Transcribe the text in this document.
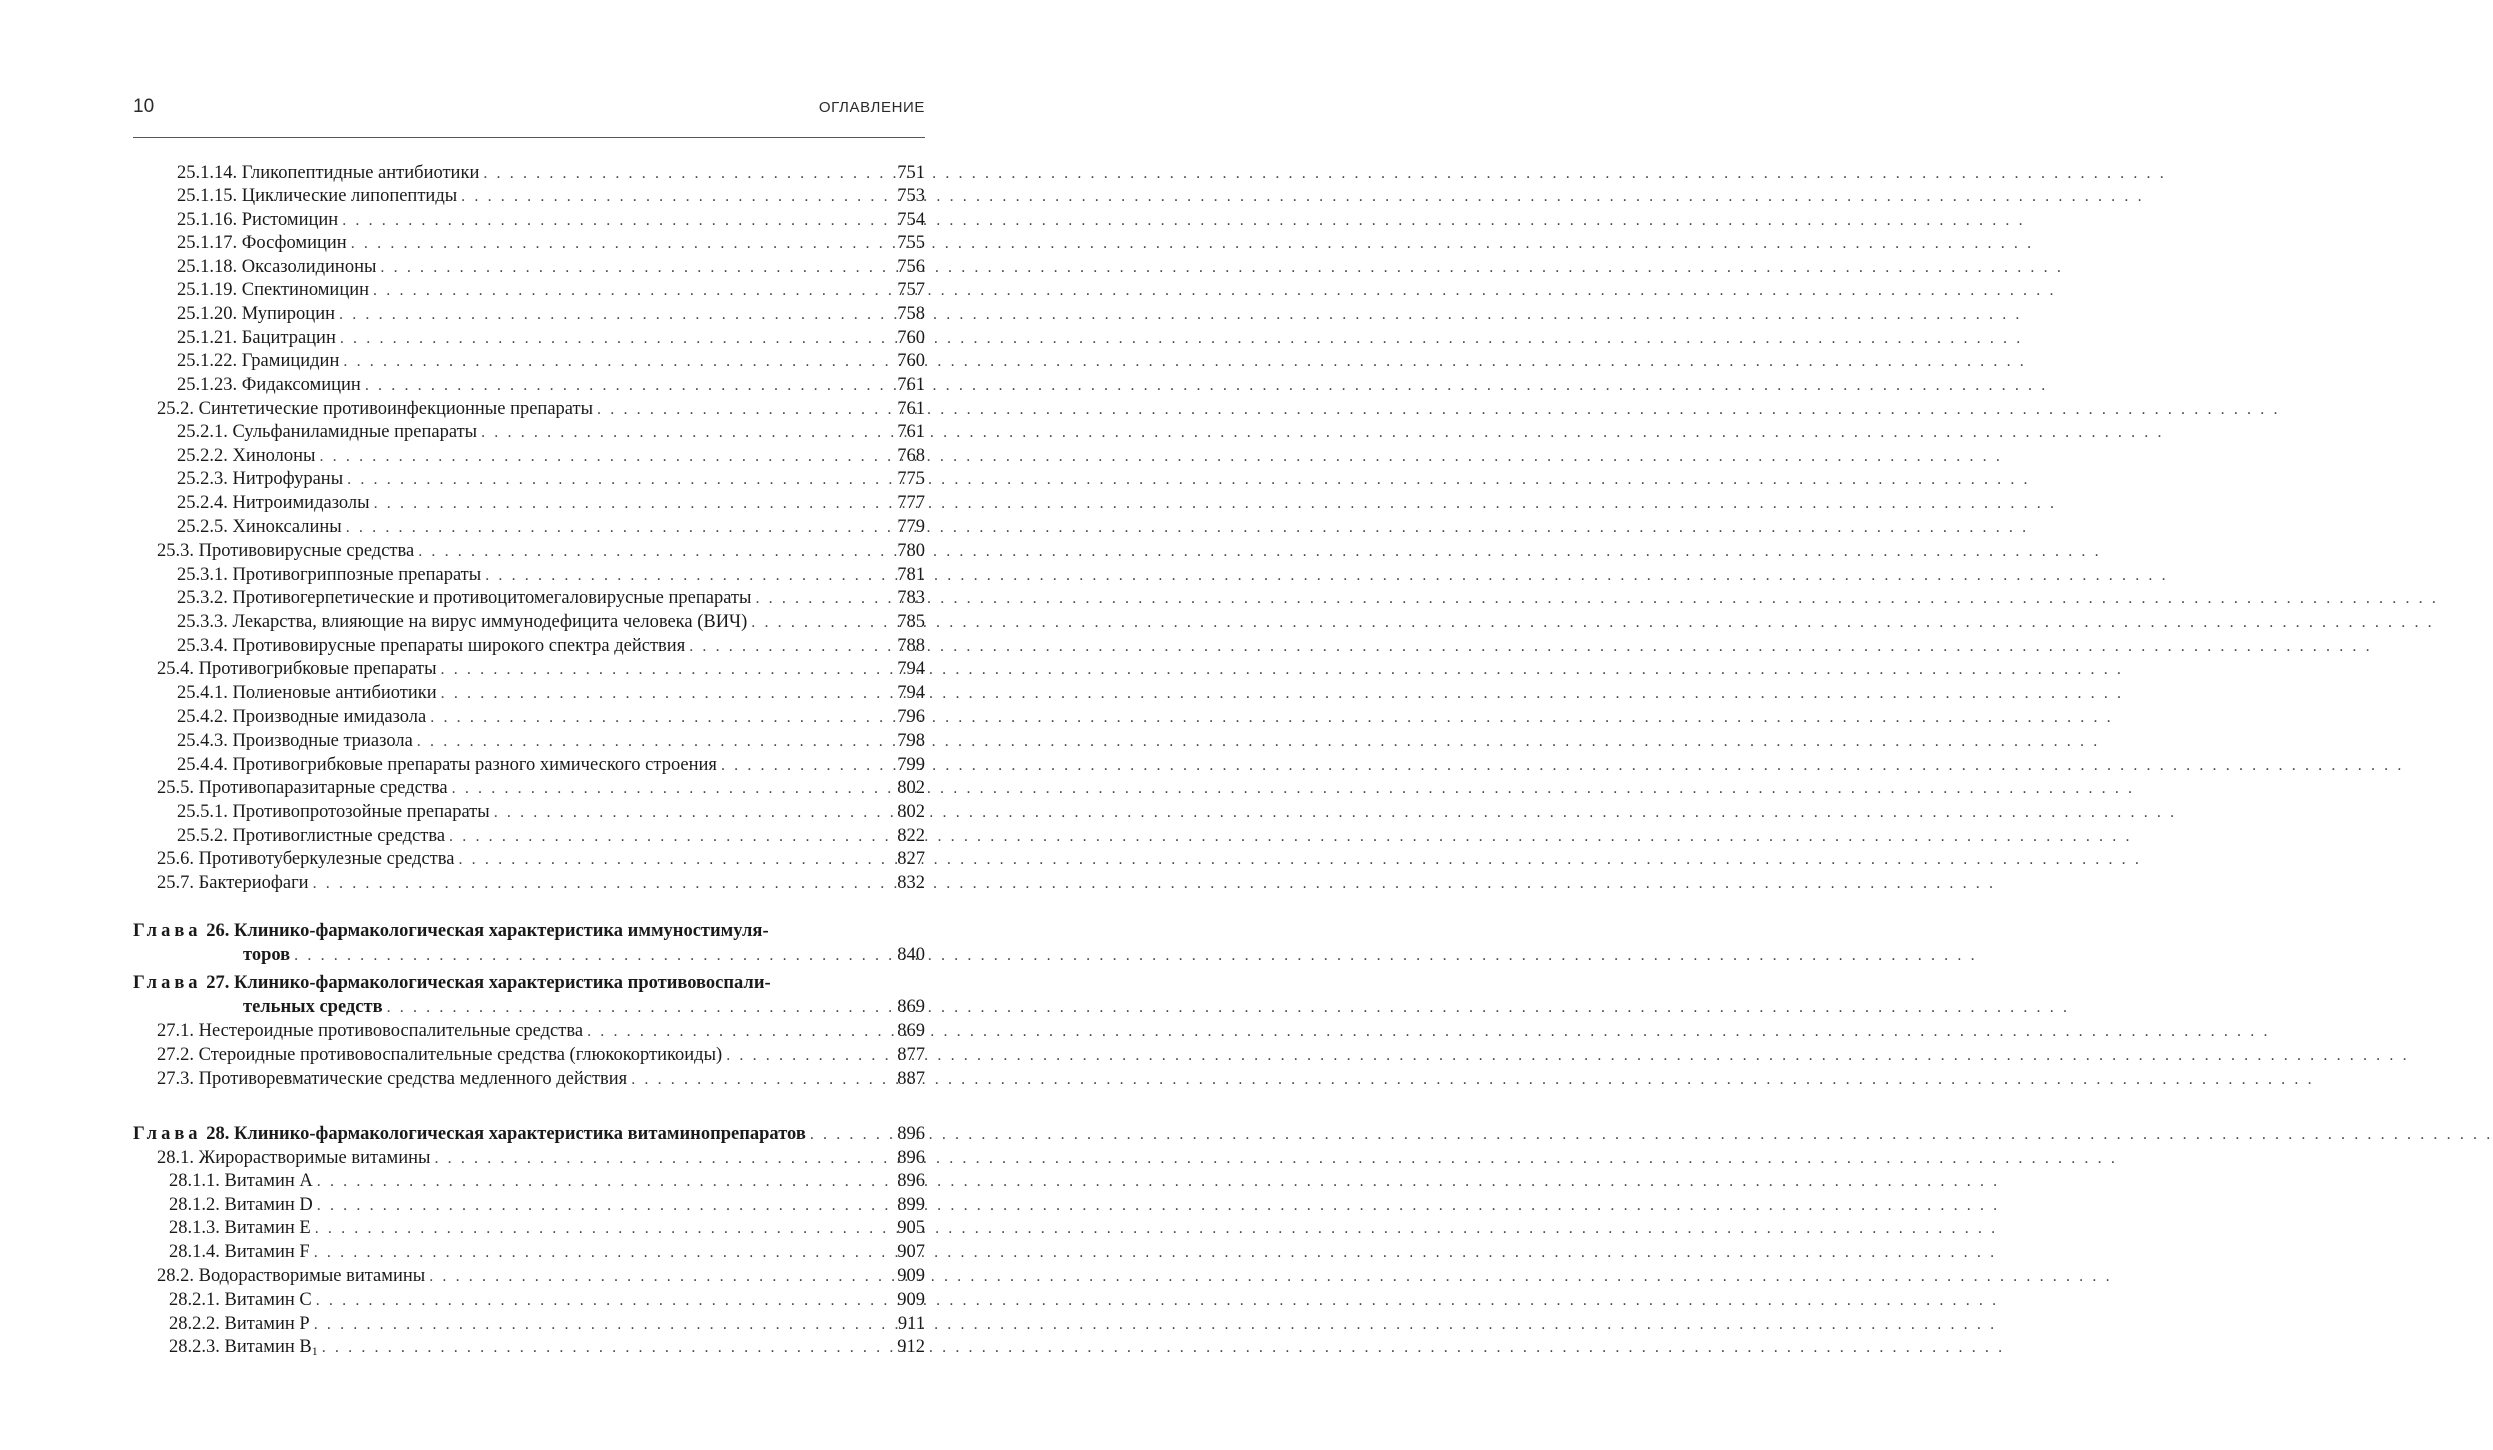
10	ОГЛАВЛЕНИЕ
25.1.14. Гликопептидные антибиотики . . .	751
25.1.15. Циклические липопептиды . . .	753
25.1.16. Ристомицин . . .	754
25.1.17. Фосфомицин . . .	755
25.1.18. Оксазолидиноны . . .	756
25.1.19. Спектиномицин . . .	757
25.1.20. Мупироцин . . .	758
25.1.21. Бацитрацин . . .	760
25.1.22. Грамицидин . . .	760
25.1.23. Фидаксомицин . . .	761
25.2. Синтетические противоинфекционные препараты . . .	761
25.2.1. Сульфаниламидные препараты . . .	761
25.2.2. Хинолоны . . .	768
25.2.3. Нитрофураны . . .	775
25.2.4. Нитроимидазолы . . .	777
25.2.5. Хиноксалины . . .	779
25.3. Противовирусные средства . . .	780
25.3.1. Противогриппозные препараты . . .	781
25.3.2. Противогерпетические и противоцитомегаловирусные препараты . . .	783
25.3.3. Лекарства, влияющие на вирус иммунодефицита человека (ВИЧ) . . .	785
25.3.4. Противовирусные препараты широкого спектра действия . . .	788
25.4. Противогрибковые препараты . . .	794
25.4.1. Полиеновые антибиотики . . .	794
25.4.2. Производные имидазола . . .	796
25.4.3. Производные триазола . . .	798
25.4.4. Противогрибковые препараты разного химического строения . . .	799
25.5. Противопаразитарные средства . . .	802
25.5.1. Противопротозойные препараты . . .	802
25.5.2. Противоглистные средства . . .	822
25.6. Противотуберкулезные средства . . .	827
25.7. Бактериофаги . . .	832
Глава 26. Клинико-фармакологическая характеристика иммуностимуля-
торов . . .	840
Глава 27. Клинико-фармакологическая характеристика противовоспали-
тельных средств . . .	869
27.1. Нестероидные противовоспалительные средства . . .	869
27.2. Стероидные противовоспалительные средства (глюкокортикоиды) . . .	877
27.3. Противоревматические средства медленного действия . . .	887
Глава 28. Клинико-фармакологическая характеристика витаминопрепаратов . . .	896
28.1. Жирорастворимые витамины . . .	896
28.1.1. Витамин А . . .	896
28.1.2. Витамин D . . .	899
28.1.3. Витамин Е . . .	905
28.1.4. Витамин F . . .	907
28.2. Водорастворимые витамины . . .	909
28.2.1. Витамин С . . .	909
28.2.2. Витамин Р . . .	911
28.2.3. Витамин $В_1$ . . .	912
